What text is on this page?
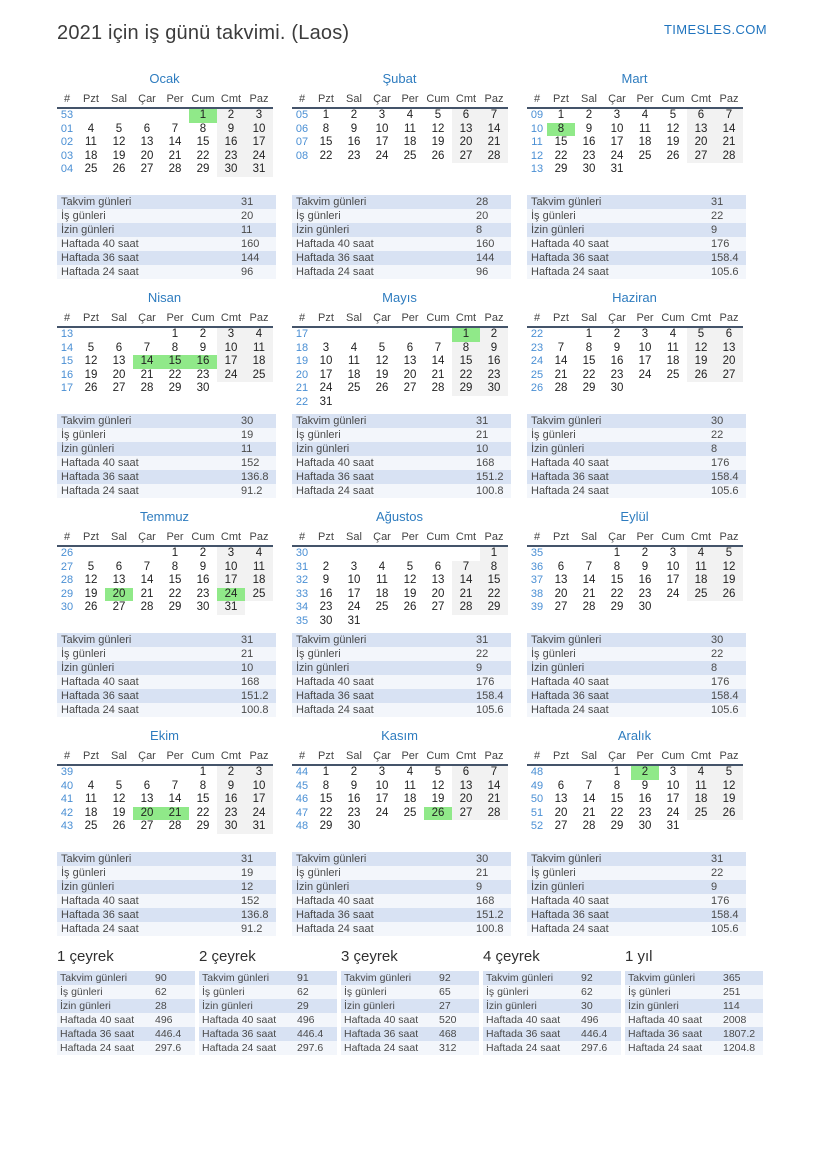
2021 için iş günü takvimi. (Laos)	TIMESLES.COM
Ocak
#	Pzt	Sal	Çar	Per	Cum	Cmt	Paz
53					1	2	3
01	4	5	6	7	8	9	10
02	11	12	13	14	15	16	17
03	18	19	20	21	22	23	24
04	25	26	27	28	29	30	31
Takvim günleri	31
İş günleri	20
İzin günleri	11
Haftada 40 saat	160
Haftada 36 saat	144
Haftada 24 saat	96
Şubat
#	Pzt	Sal	Çar	Per	Cum	Cmt	Paz
05	1	2	3	4	5	6	7
06	8	9	10	11	12	13	14
07	15	16	17	18	19	20	21
08	22	23	24	25	26	27	28
Takvim günleri	28
İş günleri	20
İzin günleri	8
Haftada 40 saat	160
Haftada 36 saat	144
Haftada 24 saat	96
Mart
#	Pzt	Sal	Çar	Per	Cum	Cmt	Paz
09	1	2	3	4	5	6	7
10	8	9	10	11	12	13	14
11	15	16	17	18	19	20	21
12	22	23	24	25	26	27	28
13	29	30	31				
Takvim günleri	31
İş günleri	22
İzin günleri	9
Haftada 40 saat	176
Haftada 36 saat	158.4
Haftada 24 saat	105.6
Nisan
#	Pzt	Sal	Çar	Per	Cum	Cmt	Paz
13				1	2	3	4
14	5	6	7	8	9	10	11
15	12	13	14	15	16	17	18
16	19	20	21	22	23	24	25
17	26	27	28	29	30		
Takvim günleri	30
İş günleri	19
İzin günleri	11
Haftada 40 saat	152
Haftada 36 saat	136.8
Haftada 24 saat	91.2
Mayıs
#	Pzt	Sal	Çar	Per	Cum	Cmt	Paz
17						1	2
18	3	4	5	6	7	8	9
19	10	11	12	13	14	15	16
20	17	18	19	20	21	22	23
21	24	25	26	27	28	29	30
22	31						
Takvim günleri	31
İş günleri	21
İzin günleri	10
Haftada 40 saat	168
Haftada 36 saat	151.2
Haftada 24 saat	100.8
Haziran
#	Pzt	Sal	Çar	Per	Cum	Cmt	Paz
22		1	2	3	4	5	6
23	7	8	9	10	11	12	13
24	14	15	16	17	18	19	20
25	21	22	23	24	25	26	27
26	28	29	30				
Takvim günleri	30
İş günleri	22
İzin günleri	8
Haftada 40 saat	176
Haftada 36 saat	158.4
Haftada 24 saat	105.6
Temmuz
#	Pzt	Sal	Çar	Per	Cum	Cmt	Paz
26				1	2	3	4
27	5	6	7	8	9	10	11
28	12	13	14	15	16	17	18
29	19	20	21	22	23	24	25
30	26	27	28	29	30	31	
Takvim günleri	31
İş günleri	21
İzin günleri	10
Haftada 40 saat	168
Haftada 36 saat	151.2
Haftada 24 saat	100.8
Ağustos
#	Pzt	Sal	Çar	Per	Cum	Cmt	Paz
30							1
31	2	3	4	5	6	7	8
32	9	10	11	12	13	14	15
33	16	17	18	19	20	21	22
34	23	24	25	26	27	28	29
35	30	31					
Takvim günleri	31
İş günleri	22
İzin günleri	9
Haftada 40 saat	176
Haftada 36 saat	158.4
Haftada 24 saat	105.6
Eylül
#	Pzt	Sal	Çar	Per	Cum	Cmt	Paz
35			1	2	3	4	5
36	6	7	8	9	10	11	12
37	13	14	15	16	17	18	19
38	20	21	22	23	24	25	26
39	27	28	29	30			
Takvim günleri	30
İş günleri	22
İzin günleri	8
Haftada 40 saat	176
Haftada 36 saat	158.4
Haftada 24 saat	105.6
Ekim
#	Pzt	Sal	Çar	Per	Cum	Cmt	Paz
39					1	2	3
40	4	5	6	7	8	9	10
41	11	12	13	14	15	16	17
42	18	19	20	21	22	23	24
43	25	26	27	28	29	30	31
Takvim günleri	31
İş günleri	19
İzin günleri	12
Haftada 40 saat	152
Haftada 36 saat	136.8
Haftada 24 saat	91.2
Kasım
#	Pzt	Sal	Çar	Per	Cum	Cmt	Paz
44	1	2	3	4	5	6	7
45	8	9	10	11	12	13	14
46	15	16	17	18	19	20	21
47	22	23	24	25	26	27	28
48	29	30					
Takvim günleri	30
İş günleri	21
İzin günleri	9
Haftada 40 saat	168
Haftada 36 saat	151.2
Haftada 24 saat	100.8
Aralık
#	Pzt	Sal	Çar	Per	Cum	Cmt	Paz
48			1	2	3	4	5
49	6	7	8	9	10	11	12
50	13	14	15	16	17	18	19
51	20	21	22	23	24	25	26
52	27	28	29	30	31		
Takvim günleri	31
İş günleri	22
İzin günleri	9
Haftada 40 saat	176
Haftada 36 saat	158.4
Haftada 24 saat	105.6
1 çeyrek
Takvim günleri	90
İş günleri	62
İzin günleri	28
Haftada 40 saat	496
Haftada 36 saat	446.4
Haftada 24 saat	297.6
2 çeyrek
Takvim günleri	91
İş günleri	62
İzin günleri	29
Haftada 40 saat	496
Haftada 36 saat	446.4
Haftada 24 saat	297.6
3 çeyrek
Takvim günleri	92
İş günleri	65
İzin günleri	27
Haftada 40 saat	520
Haftada 36 saat	468
Haftada 24 saat	312
4 çeyrek
Takvim günleri	92
İş günleri	62
İzin günleri	30
Haftada 40 saat	496
Haftada 36 saat	446.4
Haftada 24 saat	297.6
1 yıl
Takvim günleri	365
İş günleri	251
İzin günleri	114
Haftada 40 saat	2008
Haftada 36 saat	1807.2
Haftada 24 saat	1204.8
